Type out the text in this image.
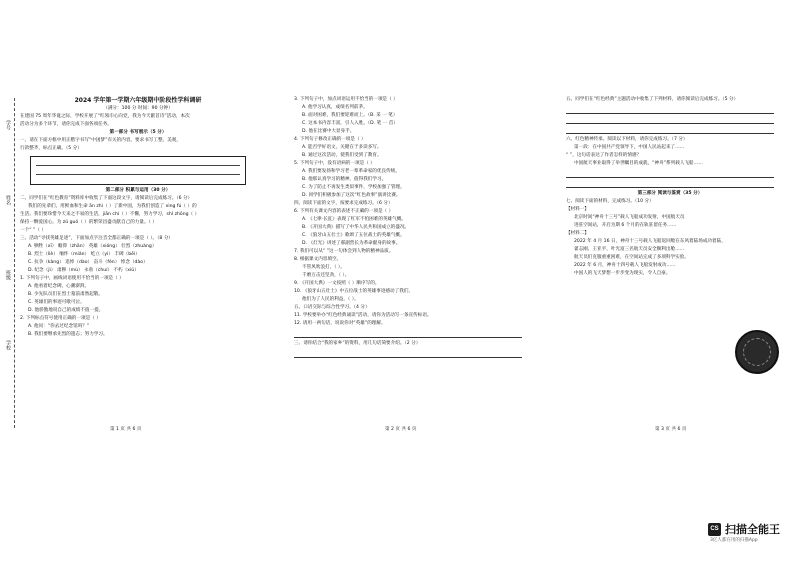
学号
姓名
班级
学校
2024 学年第一学期六年级期中阶段性学科调研
（满分：100 分 时间：90 分钟）
在建国 75 周年华诞之际，学校开展了“红领巾心向党，我为今天献首诗”活动，本次
活动分为多个环节，请你完成下面各项任务。
第一部分 书写展示（5 分）
一、请在下面方框中用正楷字书写“中国梦”有关的内容，要求书写工整、美观，
行款整齐，标点正确。（5 分）
第二部分 积累与运用（30 分）
二、同学们在“红色教育”资料库中收集了下面这段文字，请阅读后完成练习。（6 分）
我们的先辈们，用鲜血和生命 ān zhì（ ）了新中国，为我们创造了 xìng fú（ ）的
生活。我们要珍惜今天来之不易的生活，jiān chí（ ）不懈，努力学习，shǐ zhōng（ ）
保持一颗爱国心。为 zǔ guó（ ）的繁荣昌盛贡献自己的力量。（ ）
一个“ ”（ ）
三、活动“寻找英雄足迹”，下面加点字注音全都正确的一项是（ ）。（8 分）
A. 牺牲（xī） 瞻仰（zhān） 英雄（xióng） 壮烈（zhuàng）
B. 烈士（liè） 缅怀（miǎn） 屹立（yì） 丰碑（bēi）
C. 抗争（kàng） 追悼（dào） 奋斗（fèn） 悼念（dào）
D. 纪念（jì） 肃穆（mù） 永垂（chuí） 不朽（xiǔ）
1. 下列句子中，画线词语使用不恰当的一项是（ ）
A. 他看着纪念碑，心潮澎湃。
B. 少先队员们在烈士墓前肃然起敬。
C. 英雄们的事迹可歌可泣。
D. 他骄傲地说自己的成绩不值一提。
2. 下列标点符号使用正确的一项是（ ）
A. 他问：“你去过纪念馆吗？”
B. 我们要继承先烈的遗志；努力学习。
第 1 页 共 6 页
3. 下列句子中，加点词语运用不恰当的一项是（ ）
A. 他学习认真，成绩名列前茅。
B. 面对困难，我们要迎难而上。（B. 采 一 笔）
C. 这本书内容丰富，引人入胜。（D. 笔 一 首）
D. 他在比赛中大显身手。
4. 下列句子修改正确的一项是（ ）
A. 能否学好语文，关键在于多读多写。
B. 通过这次活动，使我们受到了教育。
5. 下列句子中，没有语病的一项是（ ）
A. 我们要发扬和学习老一辈革命家的优良传统。
B. 他那认真学习的精神，值得我们学习。
C. 为了防止不再发生类似事件，学校加强了管理。
D. 同学们积极参加了这次“红色故事”演讲比赛。
四、阅读下面的文字，按要求完成练习。（6 分）
6. 下列有关课文内容的表述不正确的一项是（ ）
A. 《七律·长征》表现了红军不怕困难的英雄气概。
B. 《开国大典》描写了中华人民共和国成立的盛况。
C. 《狼牙山五壮士》歌颂了五位战士的英雄气概。
D. 《灯光》讲述了郝副营长为革命献身的故事。
7. 我们可以从“ ”这一句体会到人物的精神品质。
8. 根据课文内容填空。
不管风吹浪打，（ ）。
千磨万击还坚劲，（ ）。
9. 《开国大典》一文按照（ ）顺序写的。
10. 《狼牙山五壮士》中五位战士的英雄事迹感动了我们，
他们为了人民的利益，（ ）。
五、口语交际与综合性学习。（4 分）
11. 学校要举办“红色经典诵读”活动，请你为活动写一条宣传标语。
12. 请用一两句话，说说你对“英雄”的理解。
三、请你结合“我的家乡”的资料，用几句话简要介绍。（2 分）
第 2 页 共 6 页
五、同学们在“红色经典”主题活动中收集了下列材料，请你阅读后完成练习。（5 分）
六、红色精神传承。阅读以下材料，请你完成练习。（7 分）
第一段：在中国共产党领导下，中国人民站起来了……
“ ”，这句话表达了作者怎样的情感？
中国航天事业取得了举世瞩目的成就，“神舟”系列载人飞船……
第三部分 阅读与鉴赏（35 分）
七、阅读下面的材料，完成练习。（10 分）
【材料一】
北京时间“神舟十三号”载人飞船成功发射，中国航天员
进驻空间站，开启为期 6 个月的在轨驻留任务……
【材料二】
2022 年 4 月 16 日，神舟十三号载人飞船返回舱在东风着陆场成功着陆，
翟志刚、王亚平、叶光富三名航天员安全顺利出舱……
航天员们克服重重困难，在空间站完成了多项科学实验。
2022 年 6 月，神舟十四号载人飞船发射成功……
中国人的飞天梦想一步步变为现实，令人自豪。
第 3 页 共 6 页
CS 扫描全能王
3亿人都在用的扫描App
